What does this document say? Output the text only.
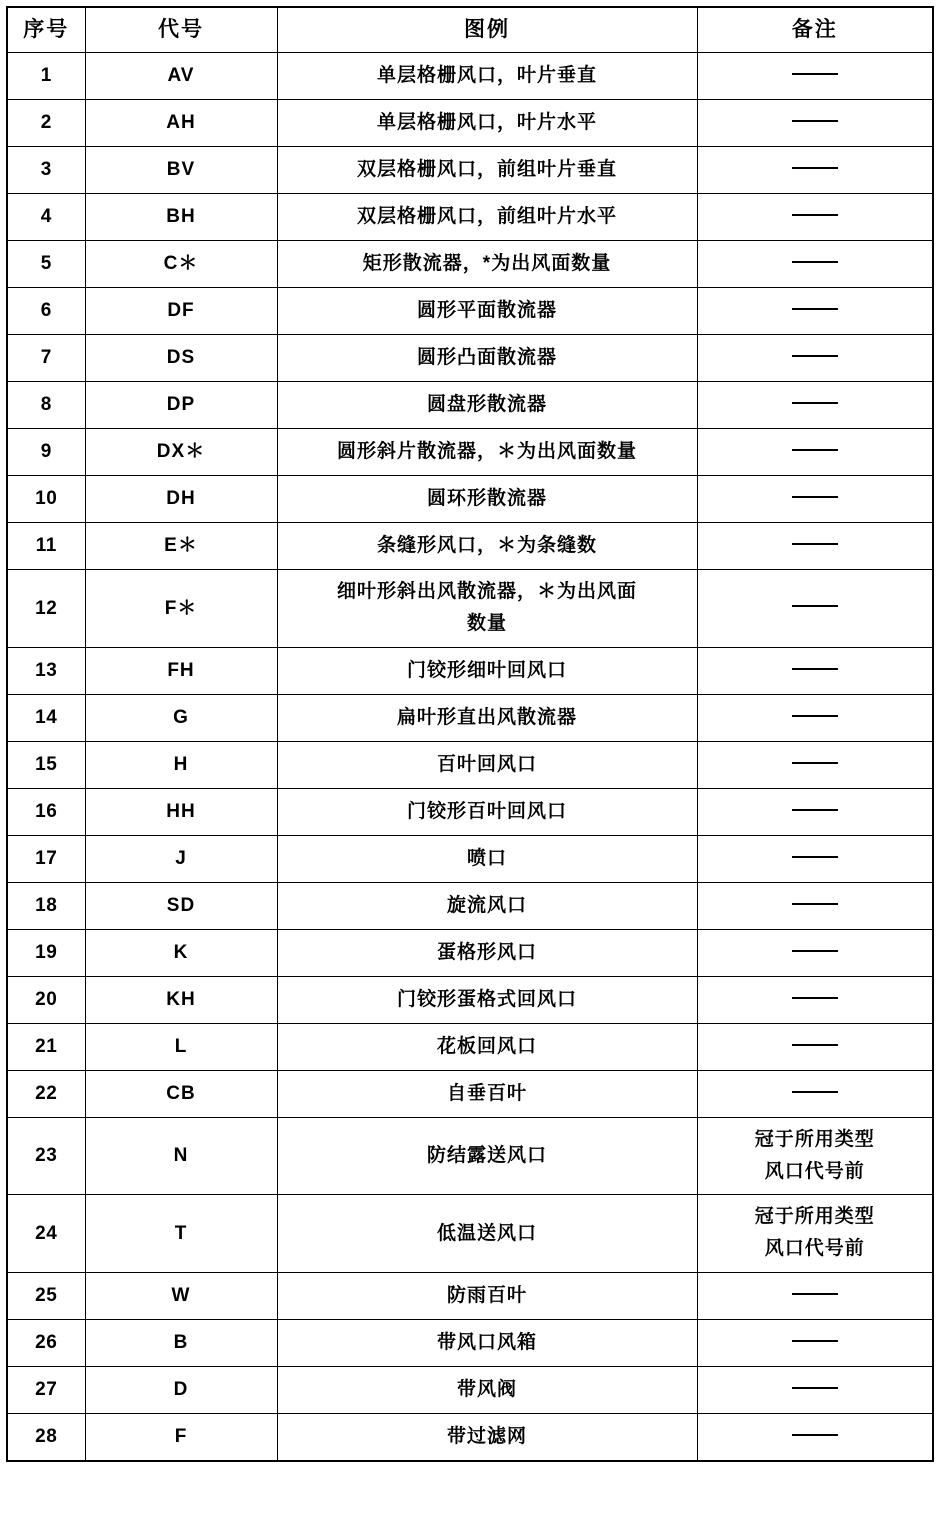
序号	代号	图例	备注
1	AV	单层格栅风口，叶片垂直	
2	AH	单层格栅风口，叶片水平	
3	BV	双层格栅风口，前组叶片垂直	
4	BH	双层格栅风口，前组叶片水平	
5	C＊	矩形散流器，*为出风面数量	
6	DF	圆形平面散流器	
7	DS	圆形凸面散流器	
8	DP	圆盘形散流器	
9	DX＊	圆形斜片散流器，＊为出风面数量	
10	DH	圆环形散流器	
11	E＊	条缝形风口，＊为条缝数	
12	F＊	细叶形斜出风散流器，＊为出风面
数量	

13	FH	门铰形细叶回风口	
14	G	扁叶形直出风散流器	
15	H	百叶回风口	
16	HH	门铰形百叶回风口	
17	J	喷口	
18	SD	旋流风口	
19	K	蛋格形风口	
20	KH	门铰形蛋格式回风口	
21	L	花板回风口	
22	CB	自垂百叶	
23	N	防结露送风口	冠于所用类型
风口代号前

24	T	低温送风口	冠于所用类型
风口代号前

25	W	防雨百叶	
26	B	带风口风箱	
27	D	带风阀	
28	F	带过滤网	
